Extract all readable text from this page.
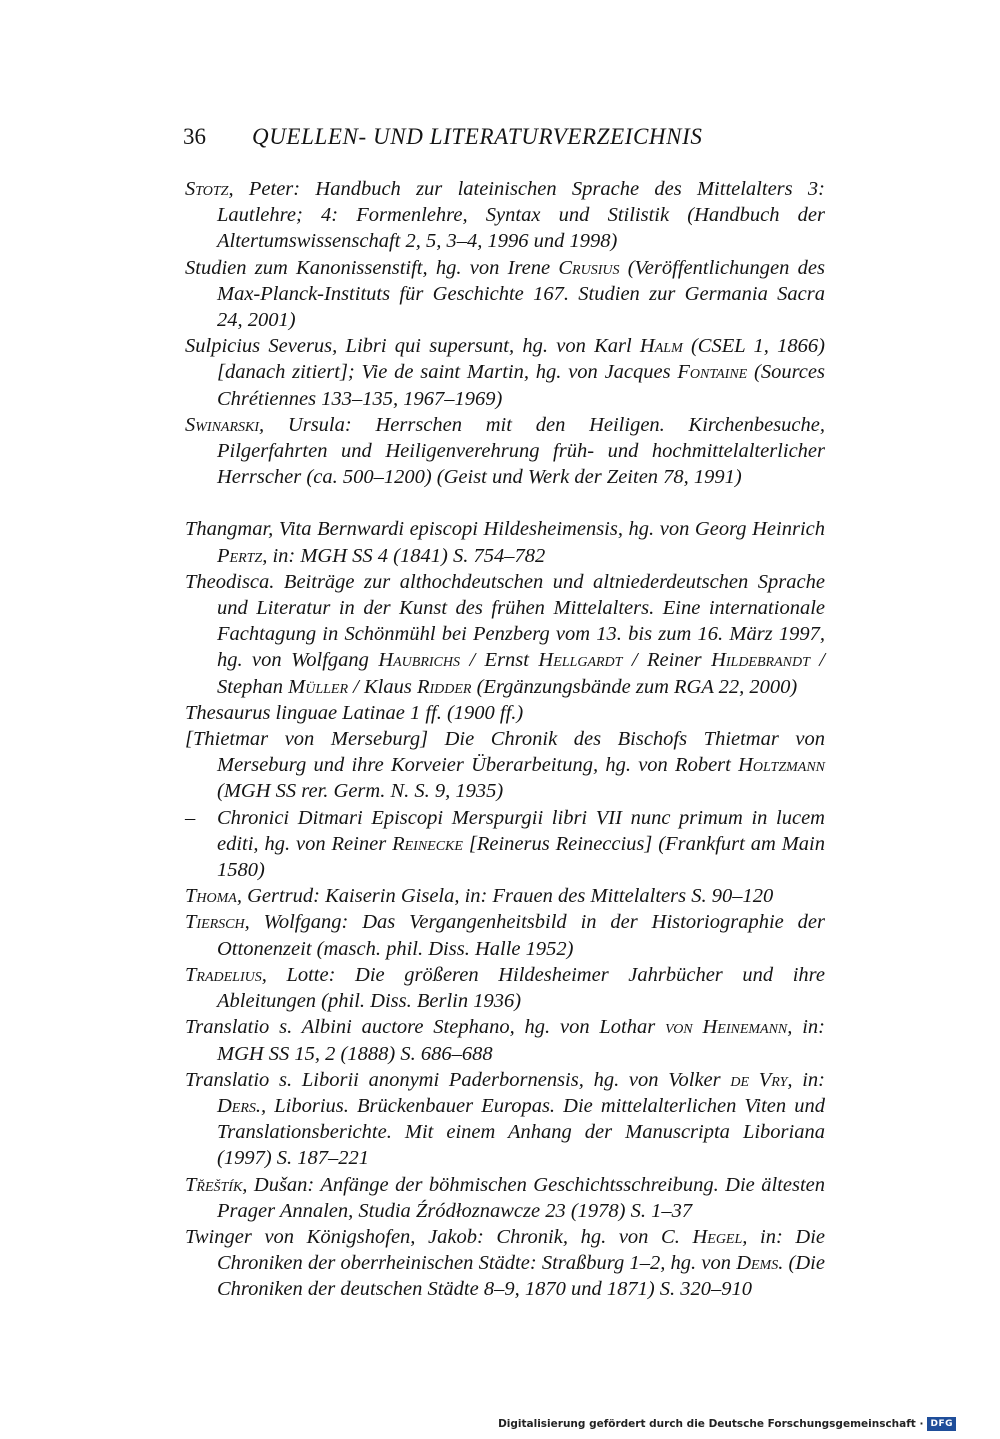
36 QUELLEN- UND LITERATURVERZEICHNIS

Stotz, Peter: Handbuch zur lateinischen Sprache des Mittelalters 3: Lautlehre; 4: Formenlehre, Syntax und Stilistik (Handbuch der Altertumswissenschaft 2, 5, 3–4, 1996 und 1998)

Studien zum Kanonissenstift, hg. von Irene Crusius (Veröffentlichungen des Max-Planck-Instituts für Geschichte 167. Studien zur Germania Sacra 24, 2001)

Sulpicius Severus, Libri qui supersunt, hg. von Karl Halm (CSEL 1, 1866) [danach zitiert]; Vie de saint Martin, hg. von Jacques Fontaine (Sources Chrétiennes 133–135, 1967–1969)

Swinarski, Ursula: Herrschen mit den Heiligen. Kirchenbesuche, Pilgerfahrten und Heiligenverehrung früh- und hochmittelalterlicher Herrscher (ca. 500–1200) (Geist und Werk der Zeiten 78, 1991)

Thangmar, Vita Bernwardi episcopi Hildesheimensis, hg. von Georg Heinrich Pertz, in: MGH SS 4 (1841) S. 754–782

Theodisca. Beiträge zur althochdeutschen und altniederdeutschen Sprache und Literatur in der Kunst des frühen Mittelalters. Eine internationale Fachtagung in Schönmühl bei Penzberg vom 13. bis zum 16. März 1997, hg. von Wolfgang Haubrichs / Ernst Hellgardt / Reiner Hildebrandt / Stephan Müller / Klaus Ridder (Ergänzungsbände zum RGA 22, 2000)

Thesaurus linguae Latinae 1 ff. (1900 ff.)

[Thietmar von Merseburg] Die Chronik des Bischofs Thietmar von Merseburg und ihre Korveier Überarbeitung, hg. von Robert Holtzmann (MGH SS rer. Germ. N. S. 9, 1935)

– Chronici Ditmari Episcopi Merspurgii libri VII nunc primum in lucem editi, hg. von Reiner Reinecke [Reinerus Reineccius] (Frankfurt am Main 1580)

Thoma, Gertrud: Kaiserin Gisela, in: Frauen des Mittelalters S. 90–120

Tiersch, Wolfgang: Das Vergangenheitsbild in der Historiographie der Ottonenzeit (masch. phil. Diss. Halle 1952)

Tradelius, Lotte: Die größeren Hildesheimer Jahrbücher und ihre Ableitungen (phil. Diss. Berlin 1936)

Translatio s. Albini auctore Stephano, hg. von Lothar von Heinemann, in: MGH SS 15, 2 (1888) S. 686–688

Translatio s. Liborii anonymi Paderbornensis, hg. von Volker de Vry, in: Ders., Liborius. Brückenbauer Europas. Die mittelalterlichen Viten und Translationsberichte. Mit einem Anhang der Manuscripta Liboriana (1997) S. 187–221

Třeštík, Dušan: Anfänge der böhmischen Geschichtsschreibung. Die ältesten Prager Annalen, Studia Źródłoznawcze 23 (1978) S. 1–37

Twinger von Königshofen, Jakob: Chronik, hg. von C. Hegel, in: Die Chroniken der oberrheinischen Städte: Straßburg 1–2, hg. von Dems. (Die Chroniken der deutschen Städte 8–9, 1870 und 1871) S. 320–910

Digitalisierung gefördert durch die Deutsche Forschungsgemeinschaft · DFG
